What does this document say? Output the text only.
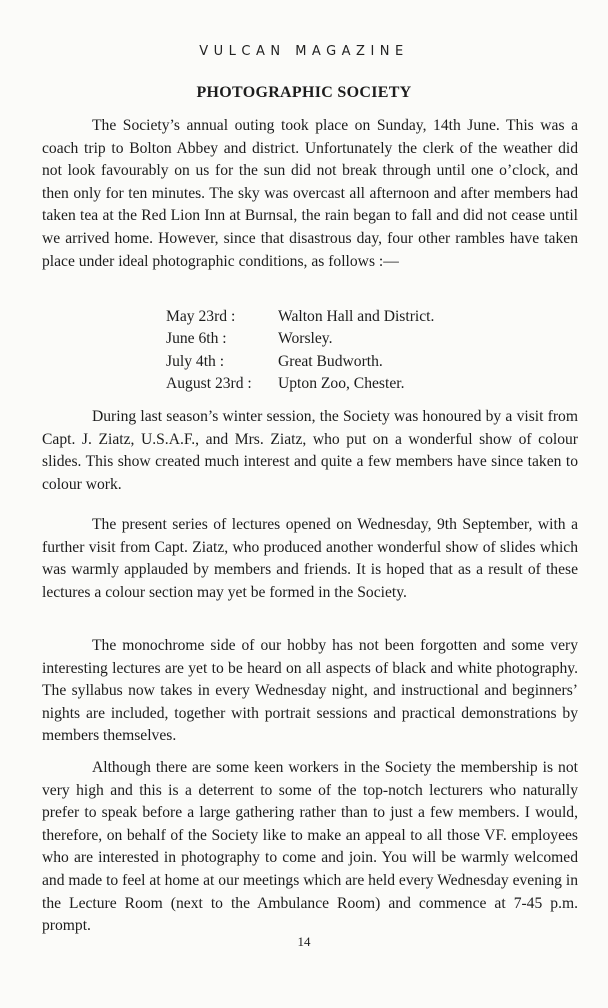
VULCAN MAGAZINE
PHOTOGRAPHIC SOCIETY

The Society’s annual outing took place on Sunday, 14th June. This was a coach trip to Bolton Abbey and district. Unfortunately the clerk of the weather did not look favourably on us for the sun did not break through until one o’clock, and then only for ten minutes. The sky was overcast all afternoon and after members had taken tea at the Red Lion Inn at Burnsal, the rain began to fall and did not cease until we arrived home. However, since that disastrous day, four other rambles have taken place under ideal photographic conditions, as follows :—

May 23rd :	Walton Hall and District.
June 6th :	Worsley.
July 4th :	Great Budworth.
August 23rd :	Upton Zoo, Chester.

During last season’s winter session, the Society was honoured by a visit from Capt. J. Ziatz, U.S.A.F., and Mrs. Ziatz, who put on a wonderful show of colour slides. This show created much interest and quite a few members have since taken to colour work.

The present series of lectures opened on Wednesday, 9th September, with a further visit from Capt. Ziatz, who produced another wonderful show of slides which was warmly applauded by members and friends. It is hoped that as a result of these lectures a colour section may yet be formed in the Society.

The monochrome side of our hobby has not been forgotten and some very interesting lectures are yet to be heard on all aspects of black and white photography. The syllabus now takes in every Wednesday night, and instructional and beginners’ nights are included, together with portrait sessions and practical demonstrations by members themselves.

Although there are some keen workers in the Society the membership is not very high and this is a deterrent to some of the top-notch lecturers who naturally prefer to speak before a large gathering rather than to just a few members. I would, therefore, on behalf of the Society like to make an appeal to all those VF. employees who are interested in photography to come and join. You will be warmly welcomed and made to feel at home at our meetings which are held every Wednesday evening in the Lecture Room (next to the Ambulance Room) and commence at 7-45 p.m. prompt.

14
